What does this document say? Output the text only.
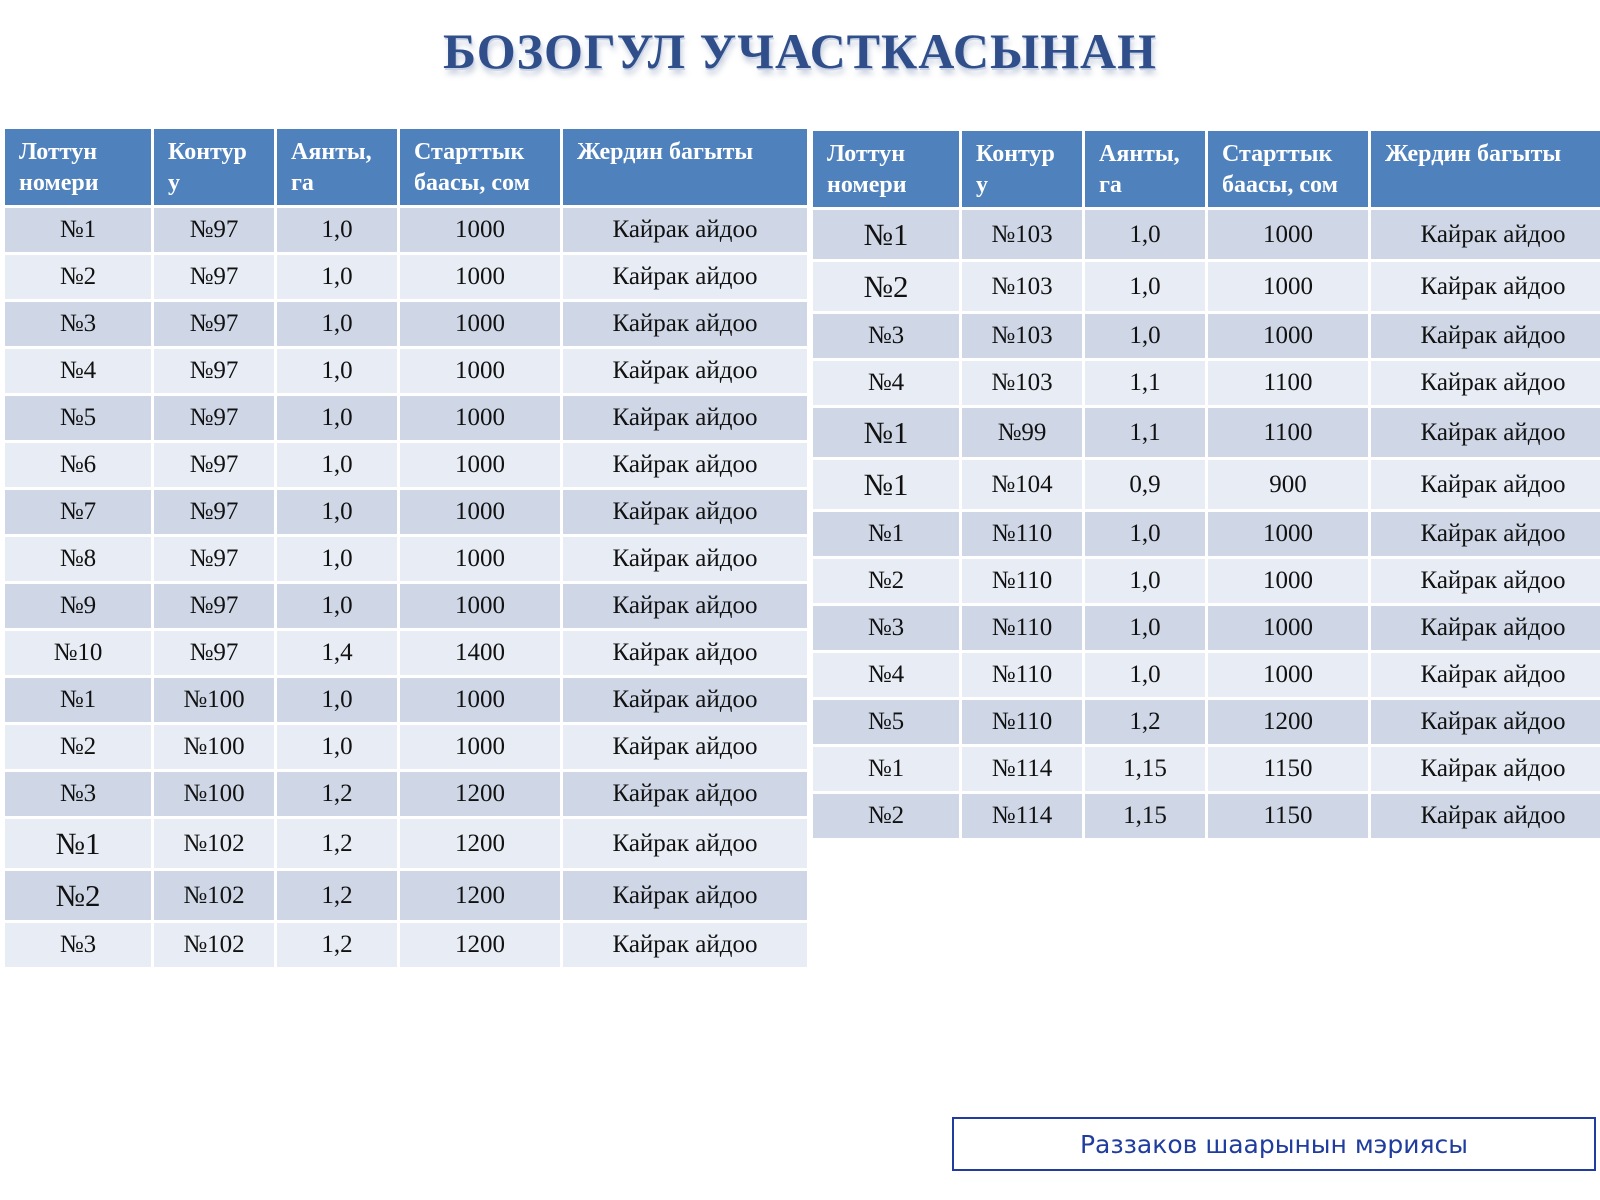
БОЗОГУЛ УЧАСТКАСЫНАН
Лоттун номери	Контур у	Аянты, га	Старттык баасы, сом	Жердин багыты
№1	№97	1,0	1000	Кайрак айдоо
№2	№97	1,0	1000	Кайрак айдоо
№3	№97	1,0	1000	Кайрак айдоо
№4	№97	1,0	1000	Кайрак айдоо
№5	№97	1,0	1000	Кайрак айдоо
№6	№97	1,0	1000	Кайрак айдоо
№7	№97	1,0	1000	Кайрак айдоо
№8	№97	1,0	1000	Кайрак айдоо
№9	№97	1,0	1000	Кайрак айдоо
№10	№97	1,4	1400	Кайрак айдоо
№1	№100	1,0	1000	Кайрак айдоо
№2	№100	1,0	1000	Кайрак айдоо
№3	№100	1,2	1200	Кайрак айдоо
№1	№102	1,2	1200	Кайрак айдоо
№2	№102	1,2	1200	Кайрак айдоо
№3	№102	1,2	1200	Кайрак айдоо
Лоттун номери	Контур у	Аянты, га	Старттык баасы, сом	Жердин багыты
№1	№103	1,0	1000	Кайрак айдоо
№2	№103	1,0	1000	Кайрак айдоо
№3	№103	1,0	1000	Кайрак айдоо
№4	№103	1,1	1100	Кайрак айдоо
№1	№99	1,1	1100	Кайрак айдоо
№1	№104	0,9	900	Кайрак айдоо
№1	№110	1,0	1000	Кайрак айдоо
№2	№110	1,0	1000	Кайрак айдоо
№3	№110	1,0	1000	Кайрак айдоо
№4	№110	1,0	1000	Кайрак айдоо
№5	№110	1,2	1200	Кайрак айдоо
№1	№114	1,15	1150	Кайрак айдоо
№2	№114	1,15	1150	Кайрак айдоо
Раззаков шаарынын мэриясы
